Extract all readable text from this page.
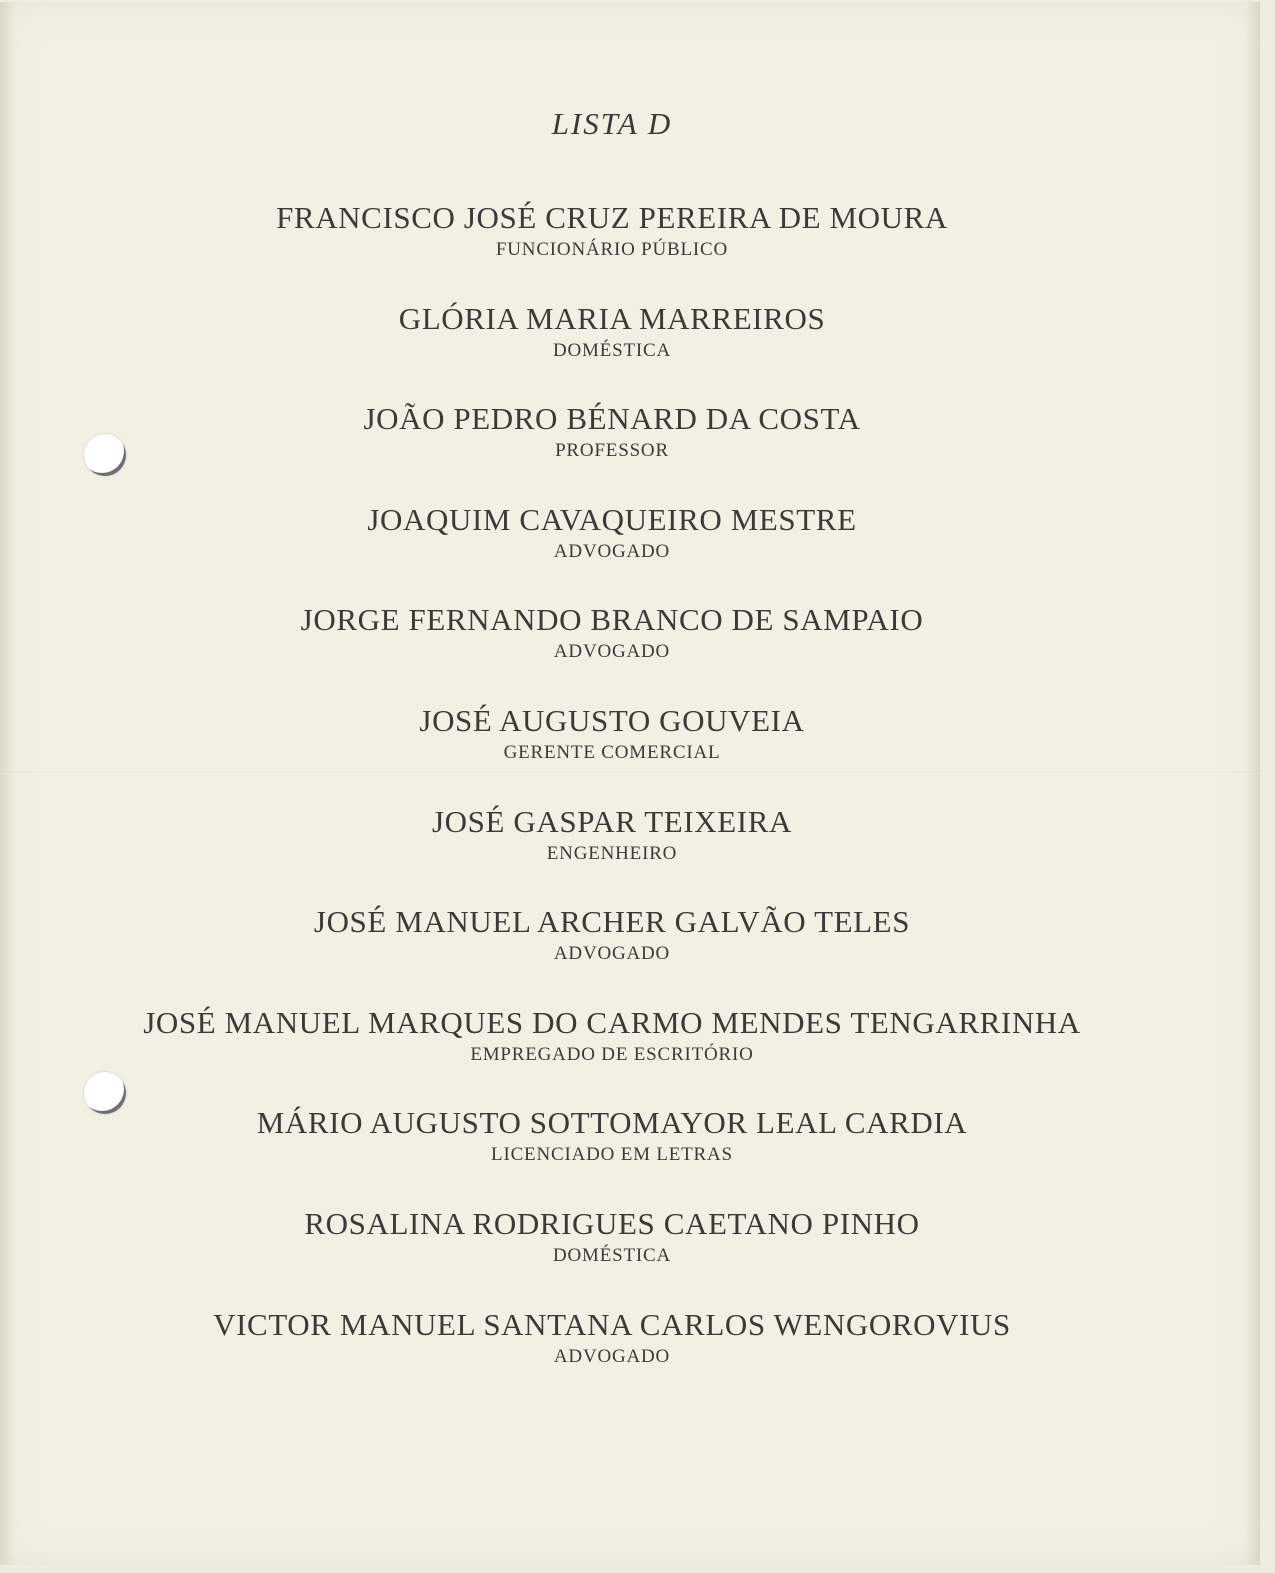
LISTA D
FRANCISCO JOSÉ CRUZ PEREIRA DE MOURA
FUNCIONÁRIO PÚBLICO
GLÓRIA MARIA MARREIROS
DOMÉSTICA
JOÃO PEDRO BÉNARD DA COSTA
PROFESSOR
JOAQUIM CAVAQUEIRO MESTRE
ADVOGADO
JORGE FERNANDO BRANCO DE SAMPAIO
ADVOGADO
JOSÉ AUGUSTO GOUVEIA
GERENTE COMERCIAL
JOSÉ GASPAR TEIXEIRA
ENGENHEIRO
JOSÉ MANUEL ARCHER GALVÃO TELES
ADVOGADO
JOSÉ MANUEL MARQUES DO CARMO MENDES TENGARRINHA
EMPREGADO DE ESCRITÓRIO
MÁRIO AUGUSTO SOTTOMAYOR LEAL CARDIA
LICENCIADO EM LETRAS
ROSALINA RODRIGUES CAETANO PINHO
DOMÉSTICA
VICTOR MANUEL SANTANA CARLOS WENGOROVIUS
ADVOGADO
